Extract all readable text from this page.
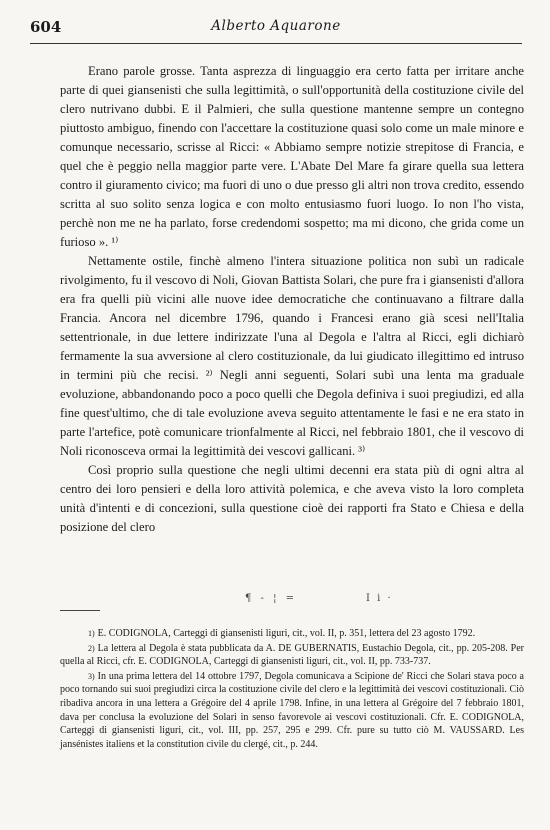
604	Alberto Aquarone

Erano parole grosse. Tanta asprezza di linguaggio era certo fatta per irritare anche parte di quei giansenisti che sulla legittimità, o sull'opportunità della costituzione civile del clero nutrivano dubbi. E il Palmieri, che sulla questione mantenne sempre un contegno piuttosto ambiguo, finendo con l'accettare la costituzione quasi solo come un male minore e comunque necessario, scrisse al Ricci: « Abbiamo sempre notizie strepitose di Francia, e quel che è peggio nella maggior parte vere. L'Abate Del Mare fa girare quella sua lettera contro il giuramento civico; ma fuori di uno o due presso gli altri non trova credito, essendo scritta al suo solito senza logica e con molto entusiasmo fuori luogo. Io non l'ho vista, perchè non me ne ha parlato, forse credendomi sospetto; ma mi dicono, che grida come un furioso ». ¹⁾

Nettamente ostile, finchè almeno l'intera situazione politica non subì un radicale rivolgimento, fu il vescovo di Noli, Giovan Battista Solari, che pure fra i giansenisti d'allora era fra quelli più vicini alle nuove idee democratiche che continuavano a filtrare dalla Francia. Ancora nel dicembre 1796, quando i Francesi erano già scesi nell'Italia settentrionale, in due lettere indirizzate l'una al Degola e l'altra al Ricci, egli dichiarò fermamente la sua avversione al clero costituzionale, da lui giudicato illegittimo ed intruso in termini più che recisi. ²⁾ Negli anni seguenti, Solari subì una lenta ma graduale evoluzione, abbandonando poco a poco quelli che Degola definiva i suoi pregiudizi, ed alla fine quest'ultimo, che di tale evoluzione aveva seguito attentamente le fasi e ne era stato in parte l'artefice, potè comunicare trionfalmente al Ricci, nel febbraio 1801, che il vescovo di Noli riconosceva ormai la legittimità dei vescovi gallicani. ³⁾

Così proprio sulla questione che negli ultimi decenni era stata più di ogni altra al centro dei loro pensieri e della loro attività polemica, e che aveva visto la loro completa unità d'intenti e di concezioni, sulla questione cioè dei rapporti fra Stato e Chiesa e della posizione del clero

¶ - ¦ =	I i ·

$^{1)}$ E. CODIGNOLA, Carteggi di giansenisti liguri, cit., vol. II, p. 351, lettera del 23 agosto 1792.

$^{2)}$ La lettera al Degola è stata pubblicata da A. DE GUBERNATIS, Eustachio Degola, cit., pp. 205-208. Per quella al Ricci, cfr. E. CODIGNOLA, Carteggi di giansenisti liguri, cit., vol. II, pp. 733-737.

$^{3)}$ In una prima lettera del 14 ottobre 1797, Degola comunicava a Scipione de' Ricci che Solari stava poco a poco tornando sui suoi pregiudizi circa la costituzione civile del clero e la legittimità dei vescovi costituzionali. Ciò ribadiva ancora in una lettera a Grégoire del 4 aprile 1798. Infine, in una lettera al Grégoire del 7 febbraio 1801, dava per conclusa la evoluzione del Solari in senso favorevole ai vescovi costituzionali. Cfr. E. CODIGNOLA, Carteggi di giansenisti liguri, cit., vol. III, pp. 257, 295 e 299. Cfr. pure su tutto ciò M. VAUSSARD. Les jansénistes italiens et la constitution civile du clergé, cit., p. 244.
